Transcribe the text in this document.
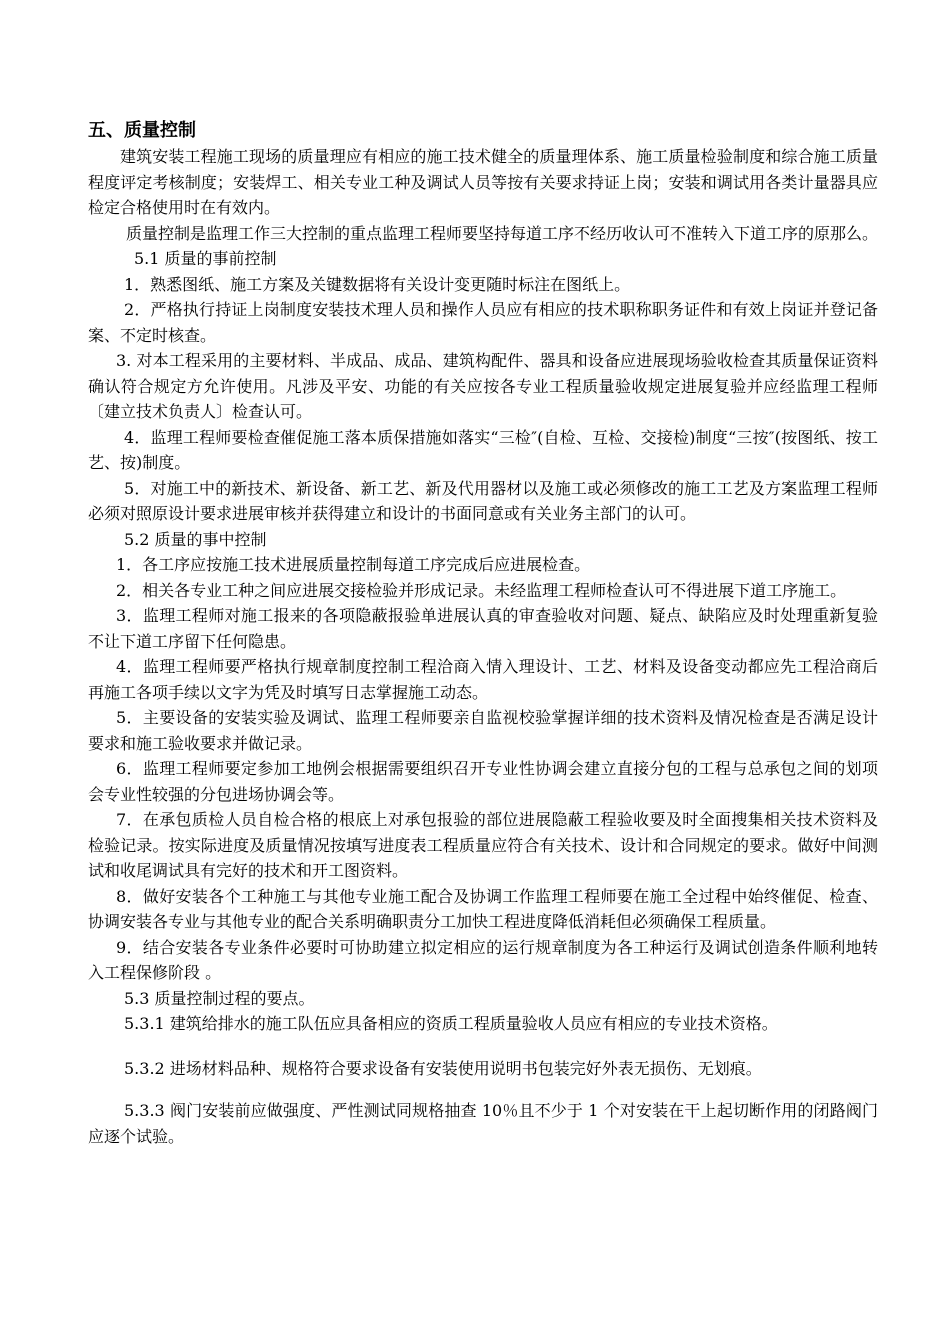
五、质量控制

建筑安装工程施工现场的质量理应有相应的施工技术健全的质量理体系、施工质量检验制度和综合施工质量程度评定考核制度；安装焊工、相关专业工种及调试人员等按有关要求持证上岗；安装和调试用各类计量器具应检定合格使用时在有效内。

质量控制是监理工作三大控制的重点监理工程师要坚持每道工序不经历收认可不准转入下道工序的原那么。

5.1 质量的事前控制

1．熟悉图纸、施工方案及关键数据将有关设计变更随时标注在图纸上。

2．严格执行持证上岗制度安装技术理人员和操作人员应有相应的技术职称职务证件和有效上岗证并登记备案、不定时核查。

3. 对本工程采用的主要材料、半成品、成品、建筑构配件、器具和设备应进展现场验收检查其质量保证资料确认符合规定方允许使用。凡涉及平安、功能的有关应按各专业工程质量验收规定进展复验并应经监理工程师〔建立技术负责人〕检查认可。

4．监理工程师要检查催促施工落本质保措施如落实“三检″(自检、互检、交接检)制度“三按″(按图纸、按工艺、按)制度。

5．对施工中的新技术、新设备、新工艺、新及代用器材以及施工或必须修改的施工工艺及方案监理工程师必须对照原设计要求进展审核并获得建立和设计的书面同意或有关业务主部门的认可。

5.2 质量的事中控制

1．各工序应按施工技术进展质量控制每道工序完成后应进展检查。

2．相关各专业工种之间应进展交接检验并形成记录。未经监理工程师检查认可不得进展下道工序施工。

3．监理工程师对施工报来的各项隐蔽报验单进展认真的审查验收对问题、疑点、缺陷应及时处理重新复验不让下道工序留下任何隐患。

4．监理工程师要严格执行规章制度控制工程洽商入情入理设计、工艺、材料及设备变动都应先工程洽商后再施工各项手续以文字为凭及时填写日志掌握施工动态。

5．主要设备的安装实验及调试、监理工程师要亲自监视校验掌握详细的技术资料及情况检查是否满足设计要求和施工验收要求并做记录。

6．监理工程师要定参加工地例会根据需要组织召开专业性协调会建立直接分包的工程与总承包之间的划项会专业性较强的分包进场协调会等。

7．在承包质检人员自检合格的根底上对承包报验的部位进展隐蔽工程验收要及时全面搜集相关技术资料及检验记录。按实际进度及质量情况按填写进度表工程质量应符合有关技术、设计和合同规定的要求。做好中间测试和收尾调试具有完好的技术和开工图资料。

8．做好安装各个工种施工与其他专业施工配合及协调工作监理工程师要在施工全过程中始终催促、检查、协调安装各专业与其他专业的配合关系明确职责分工加快工程进度降低消耗但必须确保工程质量。

9．结合安装各专业条件必要时可协助建立拟定相应的运行规章制度为各工种运行及调试创造条件顺利地转入工程保修阶段 。

5.3 质量控制过程的要点。

5.3.1 建筑给排水的施工队伍应具备相应的资质工程质量验收人员应有相应的专业技术资格。

5.3.2 进场材料品种、规格符合要求设备有安装使用说明书包装完好外表无损伤、无划痕。

5.3.3 阀门安装前应做强度、严性测试同规格抽查 10％且不少于 1 个对安装在干上起切断作用的闭路阀门应逐个试验。
